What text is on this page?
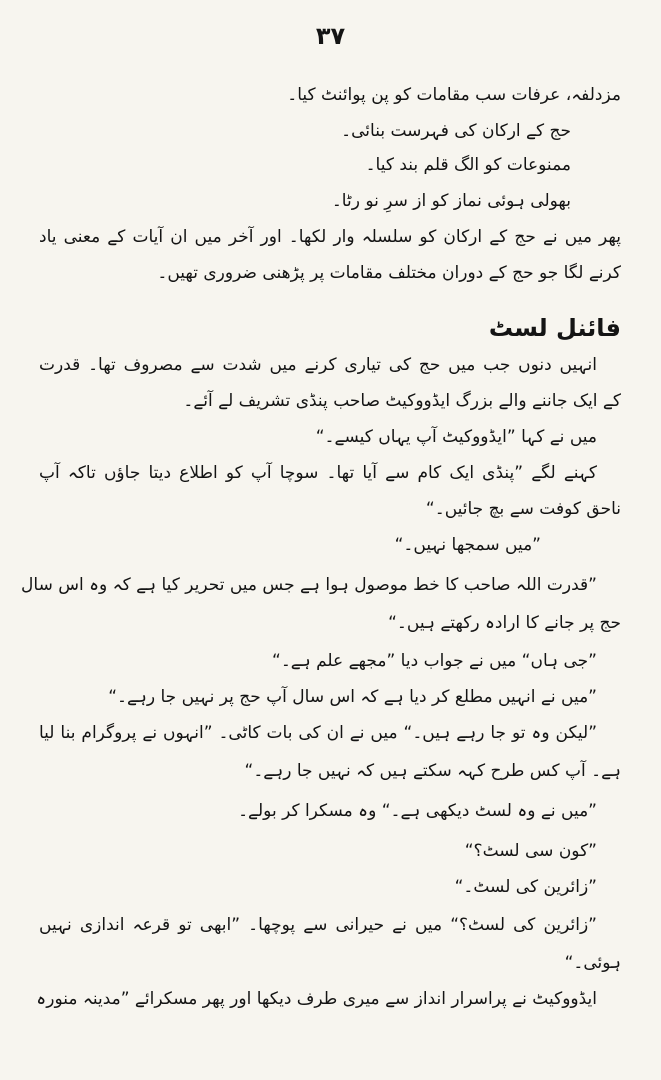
۳۷
مزدلفہ، عرفات سب مقامات کو پن پوائنٹ کیا۔
حج کے ارکان کی فہرست بنائی۔
ممنوعات کو الگ قلم بند کیا۔
بھولی ہوئی نماز کو از سرِ نو رٹا۔
پھر میں نے حج کے ارکان کو سلسلہ وار لکھا۔ اور آخر میں ان آیات کے معنی یاد
کرنے لگا جو حج کے دوران مختلف مقامات پر پڑھنی ضروری تھیں۔
فائنل لسٹ
انہیں دنوں جب میں حج کی تیاری کرنے میں شدت سے مصروف تھا۔ قدرت
کے ایک جاننے والے بزرگ ایڈووکیٹ صاحب پنڈی تشریف لے آئے۔
میں نے کہا ”ایڈووکیٹ آپ یہاں کیسے۔“
کہنے لگے ”پنڈی ایک کام سے آیا تھا۔ سوچا آپ کو اطلاع دیتا جاؤں تاکہ آپ
ناحق کوفت سے بچ جائیں۔“
”میں سمجھا نہیں۔“
”قدرت اللہ صاحب کا خط موصول ہوا ہے جس میں تحریر کیا ہے کہ وہ اس سال
حج پر جانے کا ارادہ رکھتے ہیں۔“
”جی ہاں“ میں نے جواب دیا ”مجھے علم ہے۔“
”میں نے انہیں مطلع کر دیا ہے کہ اس سال آپ حج پر نہیں جا رہے۔“
”لیکن وہ تو جا رہے ہیں۔“ میں نے ان کی بات کاٹی۔ ”انہوں نے پروگرام بنا لیا
ہے۔ آپ کس طرح کہہ سکتے ہیں کہ نہیں جا رہے۔“
”میں نے وہ لسٹ دیکھی ہے۔“ وہ مسکرا کر بولے۔
”کون سی لسٹ؟“
”زائرین کی لسٹ۔“
”زائرین کی لسٹ؟“ میں نے حیرانی سے پوچھا۔ ”ابھی تو قرعہ اندازی نہیں
ہوئی۔“
ایڈووکیٹ نے پراسرار انداز سے میری طرف دیکھا اور پھر مسکرائے ”مدینہ منورہ
